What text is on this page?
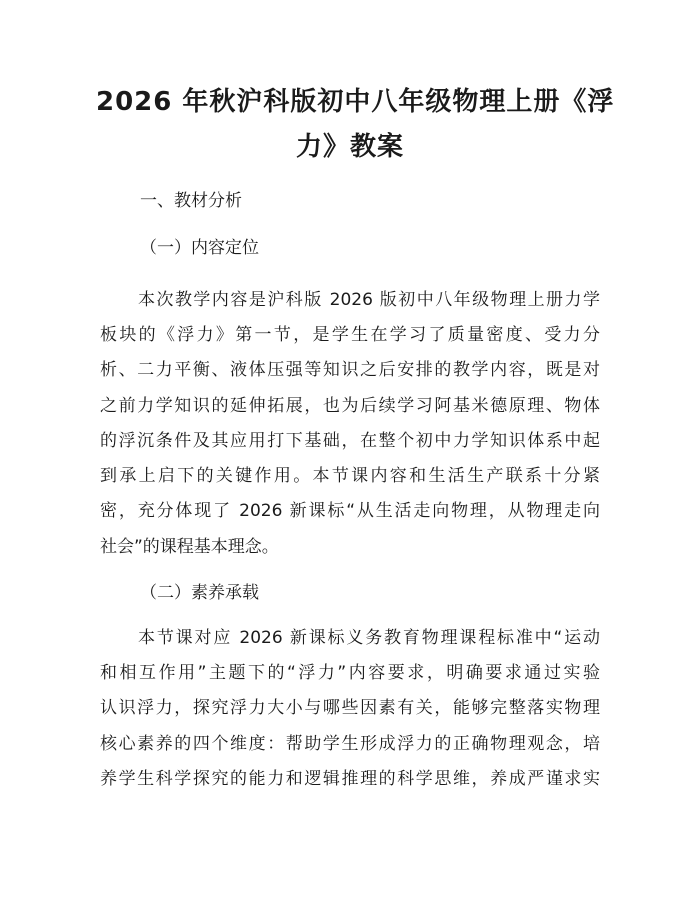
2026 年秋沪科版初中八年级物理上册《浮
力》教案

一、教材分析

（一）内容定位

本次教学内容是沪科版 2026 版初中八年级物理上册力学
板块的《浮力》第一节，是学生在学习了质量密度、受力分
析、二力平衡、液体压强等知识之后安排的教学内容，既是对
之前力学知识的延伸拓展，也为后续学习阿基米德原理、物体
的浮沉条件及其应用打下基础，在整个初中力学知识体系中起
到承上启下的关键作用。本节课内容和生活生产联系十分紧
密，充分体现了 2026 新课标“从生活走向物理，从物理走向
社会”的课程基本理念。

（二）素养承载

本节课对应 2026 新课标义务教育物理课程标准中“运动
和相互作用”主题下的“浮力”内容要求，明确要求通过实验
认识浮力，探究浮力大小与哪些因素有关，能够完整落实物理
核心素养的四个维度：帮助学生形成浮力的正确物理观念，培
养学生科学探究的能力和逻辑推理的科学思维，养成严谨求实
